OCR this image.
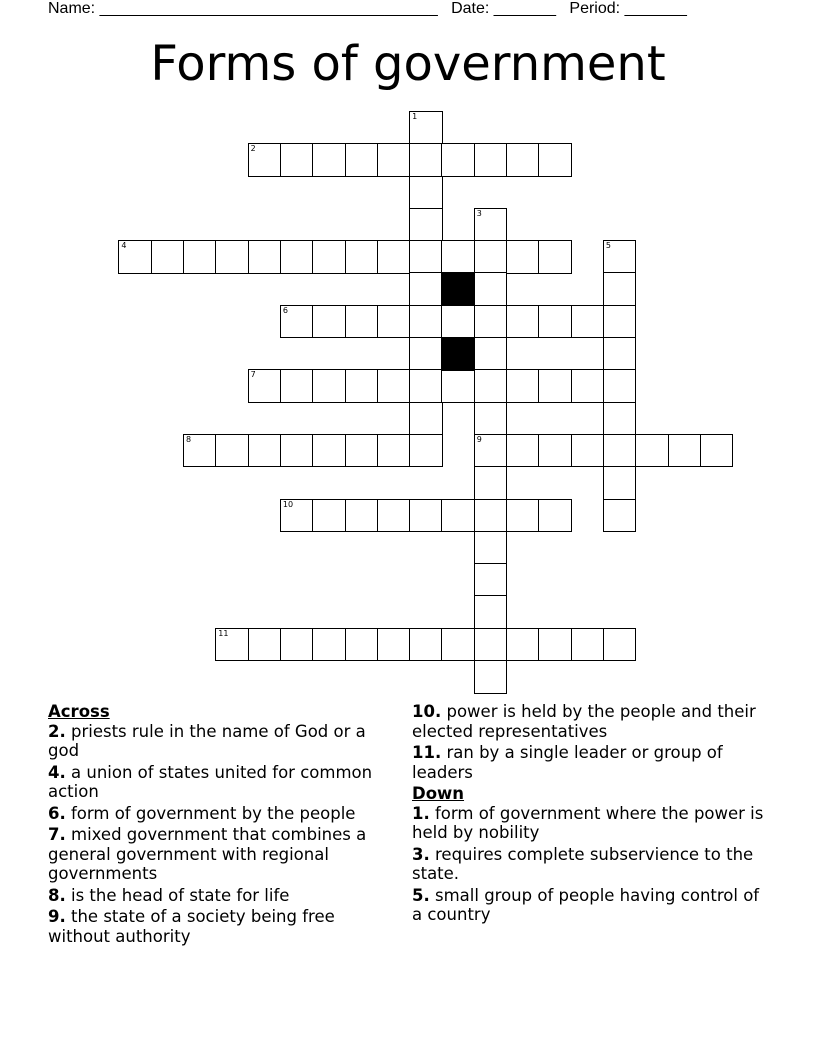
Name: ______________________________________ Date: _______ Period: _______
Forms of government
1
2
3
4	5
6
7
8	9
10
11

Across

2. priests rule in the name of God or a god

4. a union of states united for common action

6. form of government by the people

7. mixed government that combines a general government with regional governments

8. is the head of state for life

9. the state of a society being free without authority

10. power is held by the people and their elected representatives

11. ran by a single leader or group of leaders

Down

1. form of government where the power is held by nobility

3. requires complete subservience to the state.

5. small group of people having control of a country
